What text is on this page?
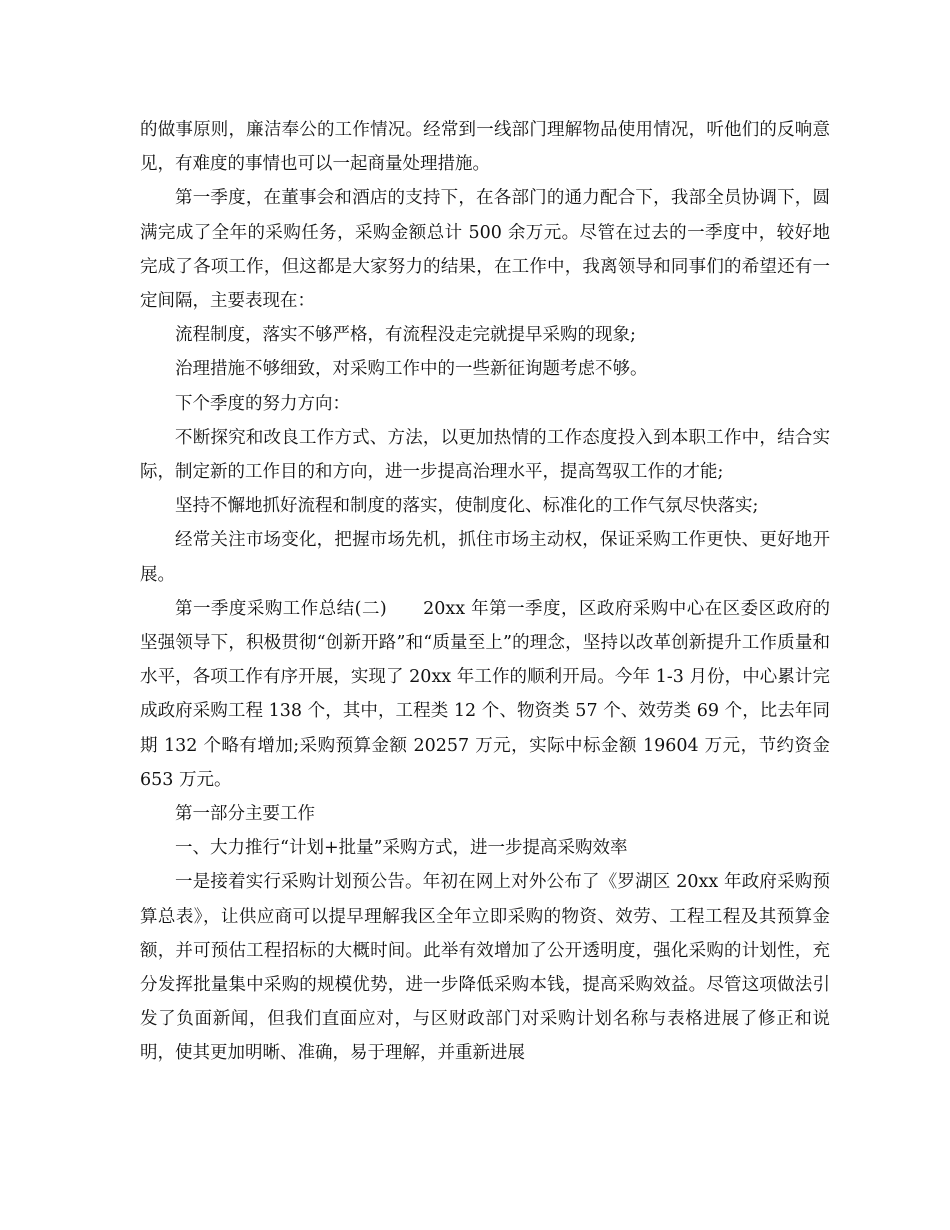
的做事原则，廉洁奉公的工作情况。经常到一线部门理解物品使用情况，听他们的反响意见，有难度的事情也可以一起商量处理措施。

第一季度，在董事会和酒店的支持下，在各部门的通力配合下，我部全员协调下，圆满完成了全年的采购任务，采购金额总计 500 余万元。尽管在过去的一季度中，较好地完成了各项工作，但这都是大家努力的结果，在工作中，我离领导和同事们的希望还有一定间隔，主要表现在：

流程制度，落实不够严格，有流程没走完就提早采购的现象;

治理措施不够细致，对采购工作中的一些新征询题考虑不够。

下个季度的努力方向：

不断探究和改良工作方式、方法，以更加热情的工作态度投入到本职工作中，结合实际，制定新的工作目的和方向，进一步提高治理水平，提高驾驭工作的才能;

坚持不懈地抓好流程和制度的落实，使制度化、标准化的工作气氛尽快落实;

经常关注市场变化，把握市场先机，抓住市场主动权，保证采购工作更快、更好地开展。

第一季度采购工作总结(二)　　20xx 年第一季度，区政府采购中心在区委区政府的坚强领导下，积极贯彻“创新开路”和“质量至上”的理念，坚持以改革创新提升工作质量和水平，各项工作有序开展，实现了 20xx 年工作的顺利开局。今年 1-3 月份，中心累计完成政府采购工程 138 个，其中，工程类 12 个、物资类 57 个、效劳类 69 个，比去年同期 132 个略有增加;采购预算金额 20257 万元，实际中标金额 19604 万元，节约资金 653 万元。

第一部分主要工作

一、大力推行“计划+批量”采购方式，进一步提高采购效率

一是接着实行采购计划预公告。年初在网上对外公布了《罗湖区 20xx 年政府采购预算总表》，让供应商可以提早理解我区全年立即采购的物资、效劳、工程工程及其预算金额，并可预估工程招标的大概时间。此举有效增加了公开透明度，强化采购的计划性，充分发挥批量集中采购的规模优势，进一步降低采购本钱，提高采购效益。尽管这项做法引发了负面新闻，但我们直面应对，与区财政部门对采购计划名称与表格进展了修正和说明，使其更加明晰、准确，易于理解，并重新进展
